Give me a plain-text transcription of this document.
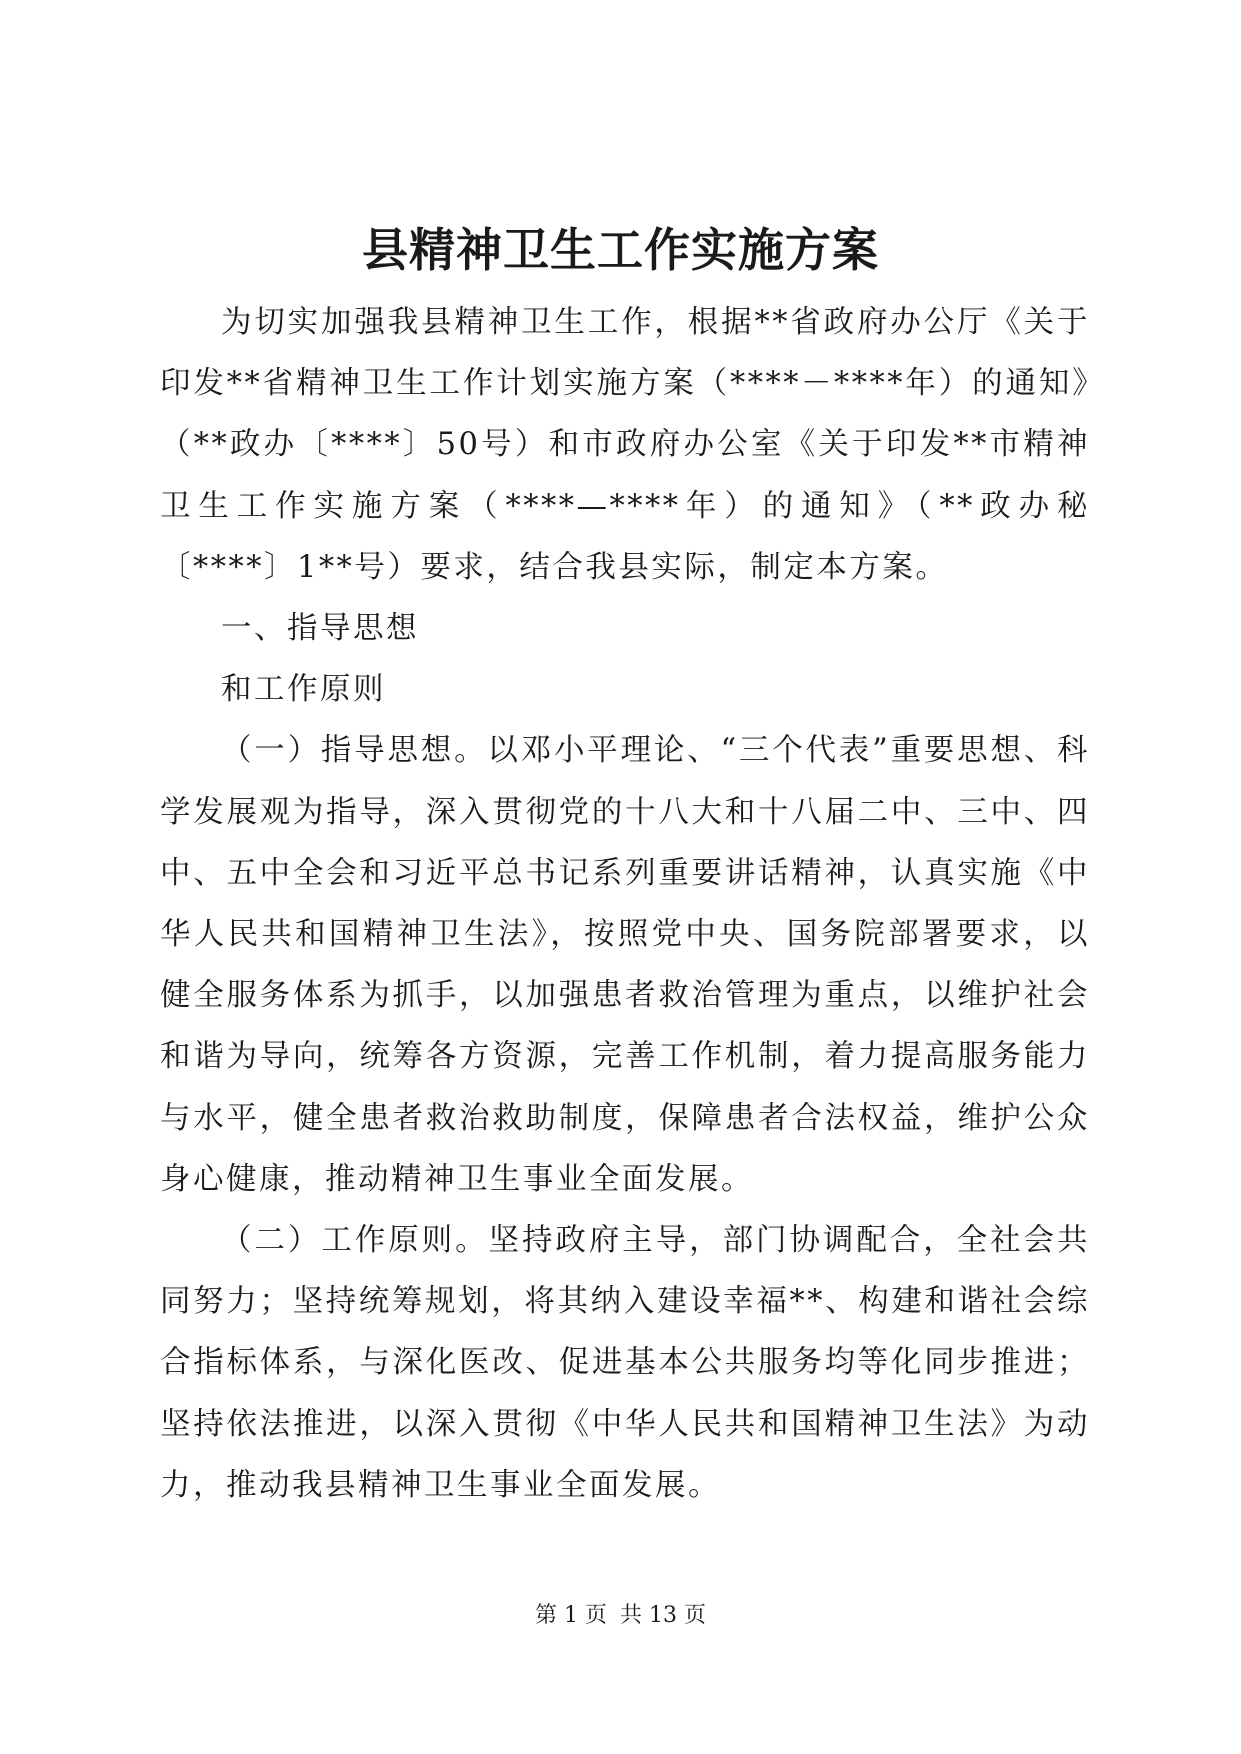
县精神卫生工作实施方案

为切实加强我县精神卫生工作，根据**省政府办公厅《关于印发**省精神卫生工作计划实施方案（****－****年）的通知》（**政办〔****〕50号）和市政府办公室《关于印发**市精神卫生工作实施方案（****—****年）的通知》（**政办秘〔****〕1**号）要求，结合我县实际，制定本方案。

一、指导思想

和工作原则

（一）指导思想。以邓小平理论、“三个代表”重要思想、科学发展观为指导，深入贯彻党的十八大和十八届二中、三中、四中、五中全会和习近平总书记系列重要讲话精神，认真实施《中华人民共和国精神卫生法》，按照党中央、国务院部署要求，以健全服务体系为抓手，以加强患者救治管理为重点，以维护社会和谐为导向，统筹各方资源，完善工作机制，着力提高服务能力与水平，健全患者救治救助制度，保障患者合法权益，维护公众身心健康，推动精神卫生事业全面发展。

（二）工作原则。坚持政府主导，部门协调配合，全社会共同努力；坚持统筹规划，将其纳入建设幸福**、构建和谐社会综合指标体系，与深化医改、促进基本公共服务均等化同步推进；坚持依法推进，以深入贯彻《中华人民共和国精神卫生法》为动力，推动我县精神卫生事业全面发展。

第 1 页 共 13 页
